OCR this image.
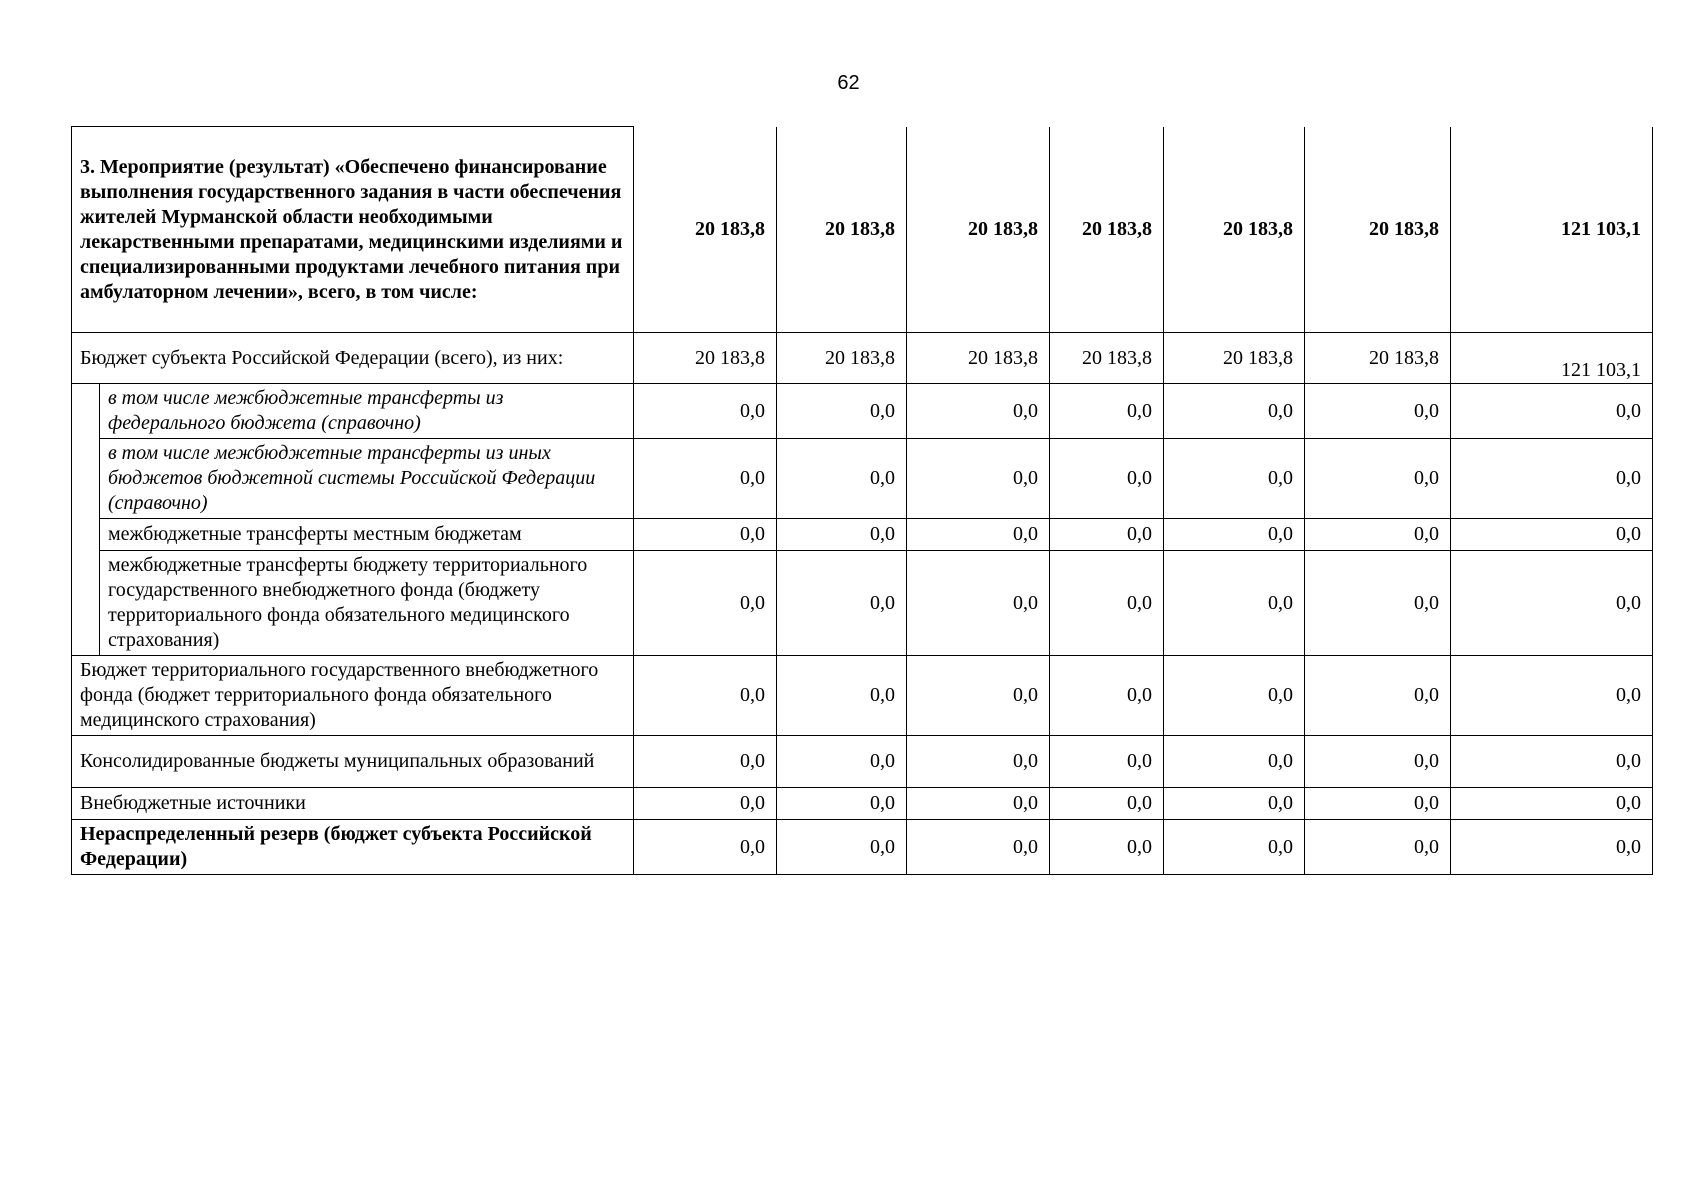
62
3. Мероприятие (результат) «Обеспечено финансирование выполнения государственного задания в части обеспечения жителей Мурманской области необходимыми лекарственными препаратами, медицинскими изделиями и специализированными продуктами лечебного питания при амбулаторном лечении», всего, в том числе:		20 183,8	20 183,8	20 183,8	20 183,8	20 183,8	20 183,8	121 103,1
Бюджет субъекта Российской Федерации (всего), из них:		20 183,8	20 183,8	20 183,8	20 183,8	20 183,8	20 183,8	121 103,1
	в том числе межбюджетные трансферты из федерального бюджета (справочно)	0,0	0,0	0,0	0,0	0,0	0,0	0,0
	в том числе межбюджетные трансферты из иных бюджетов бюджетной системы Российской Федерации (справочно)	0,0	0,0	0,0	0,0	0,0	0,0	0,0
	межбюджетные трансферты местным бюджетам	0,0	0,0	0,0	0,0	0,0	0,0	0,0
	межбюджетные трансферты бюджету территориального государственного внебюджетного фонда (бюджету территориального фонда обязательного медицинского страхования)	0,0	0,0	0,0	0,0	0,0	0,0	0,0
Бюджет территориального государственного внебюджетного фонда (бюджет территориального фонда обязательного медицинского страхования)		0,0	0,0	0,0	0,0	0,0	0,0	0,0
Консолидированные бюджеты муниципальных образований		0,0	0,0	0,0	0,0	0,0	0,0	0,0
Внебюджетные источники		0,0	0,0	0,0	0,0	0,0	0,0	0,0
Нераспределенный резерв (бюджет субъекта Российской Федерации)		0,0	0,0	0,0	0,0	0,0	0,0	0,0
